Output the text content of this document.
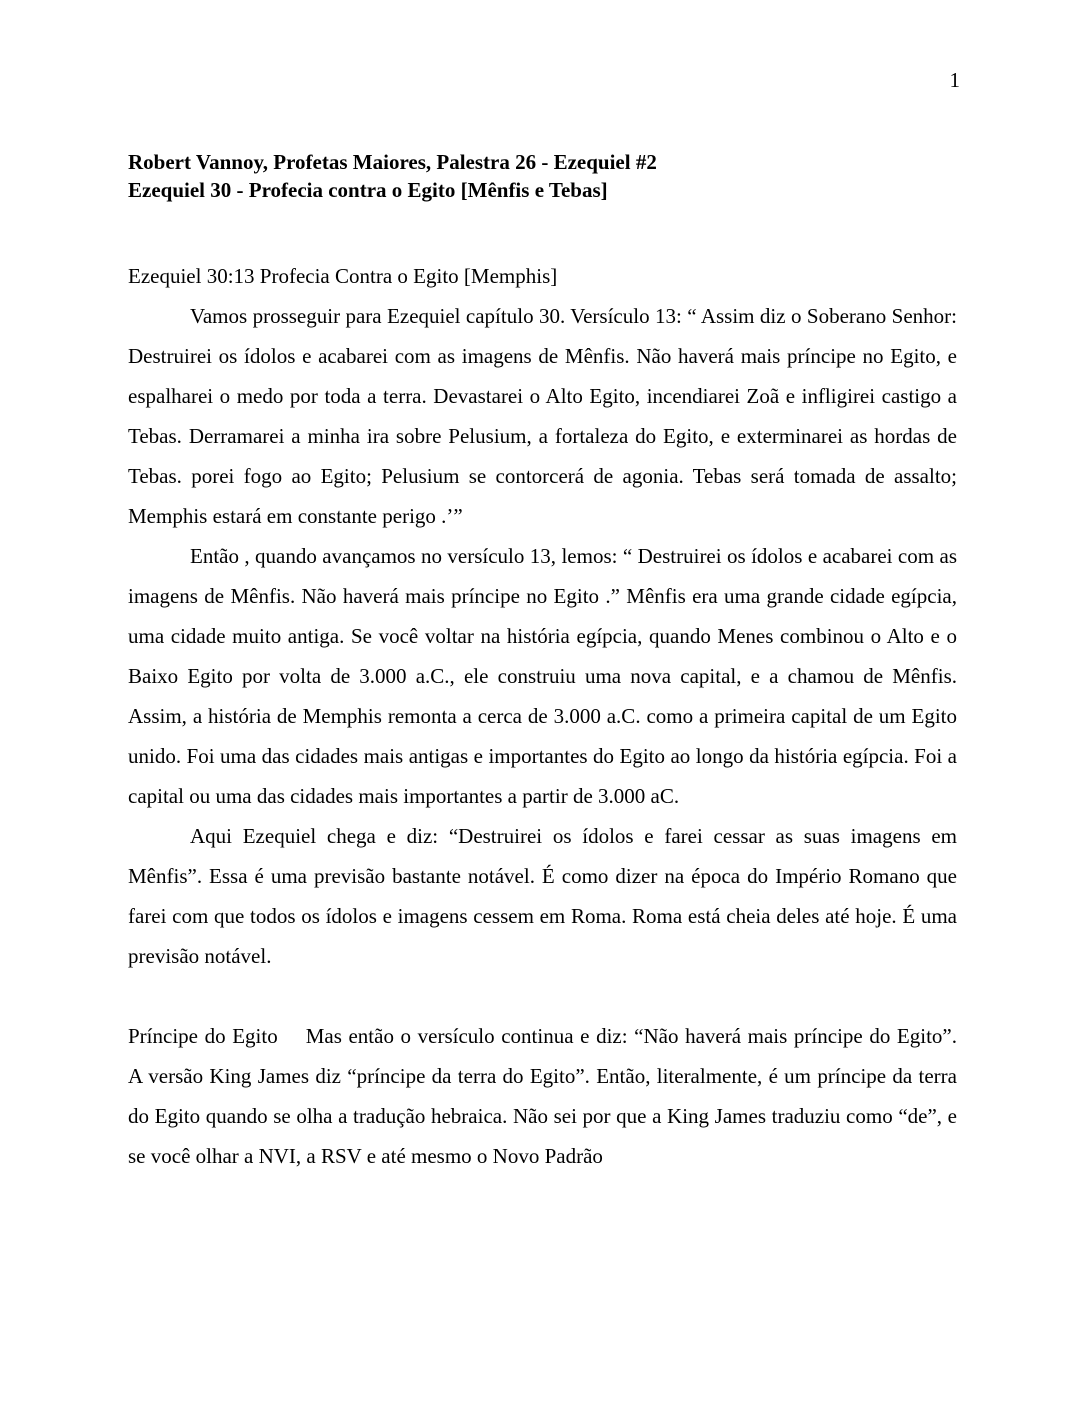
1
Robert Vannoy, Profetas Maiores, Palestra 26 - Ezequiel #2
Ezequiel 30 - Profecia contra o Egito [Mênfis e Tebas]

Ezequiel 30:13 Profecia Contra o Egito [Memphis]

Vamos prosseguir para Ezequiel capítulo 30. Versículo 13: “ Assim diz o Soberano Senhor: Destruirei os ídolos e acabarei com as imagens de Mênfis. Não haverá mais príncipe no Egito, e espalharei o medo por toda a terra. Devastarei o Alto Egito, incendiarei Zoã e infligirei castigo a Tebas. Derramarei a minha ira sobre Pelusium, a fortaleza do Egito, e exterminarei as hordas de Tebas. porei fogo ao Egito; Pelusium se contorcerá de agonia. Tebas será tomada de assalto; Memphis estará em constante perigo .’”

Então , quando avançamos no versículo 13, lemos: “ Destruirei os ídolos e acabarei com as imagens de Mênfis. Não haverá mais príncipe no Egito .” Mênfis era uma grande cidade egípcia, uma cidade muito antiga. Se você voltar na história egípcia, quando Menes combinou o Alto e o Baixo Egito por volta de 3.000 a.C., ele construiu uma nova capital, e a chamou de Mênfis. Assim, a história de Memphis remonta a cerca de 3.000 a.C. como a primeira capital de um Egito unido. Foi uma das cidades mais antigas e importantes do Egito ao longo da história egípcia. Foi a capital ou uma das cidades mais importantes a partir de 3.000 aC.

Aqui Ezequiel chega e diz: “Destruirei os ídolos e farei cessar as suas imagens em Mênfis”. Essa é uma previsão bastante notável. É como dizer na época do Império Romano que farei com que todos os ídolos e imagens cessem em Roma. Roma está cheia deles até hoje. É uma previsão notável.

Príncipe do Egito Mas então o versículo continua e diz: “Não haverá mais príncipe do Egito”. A versão King James diz “príncipe da terra do Egito”. Então, literalmente, é um príncipe da terra do Egito quando se olha a tradução hebraica. Não sei por que a King James traduziu como “de”, e se você olhar a NVI, a RSV e até mesmo o Novo Padrão
